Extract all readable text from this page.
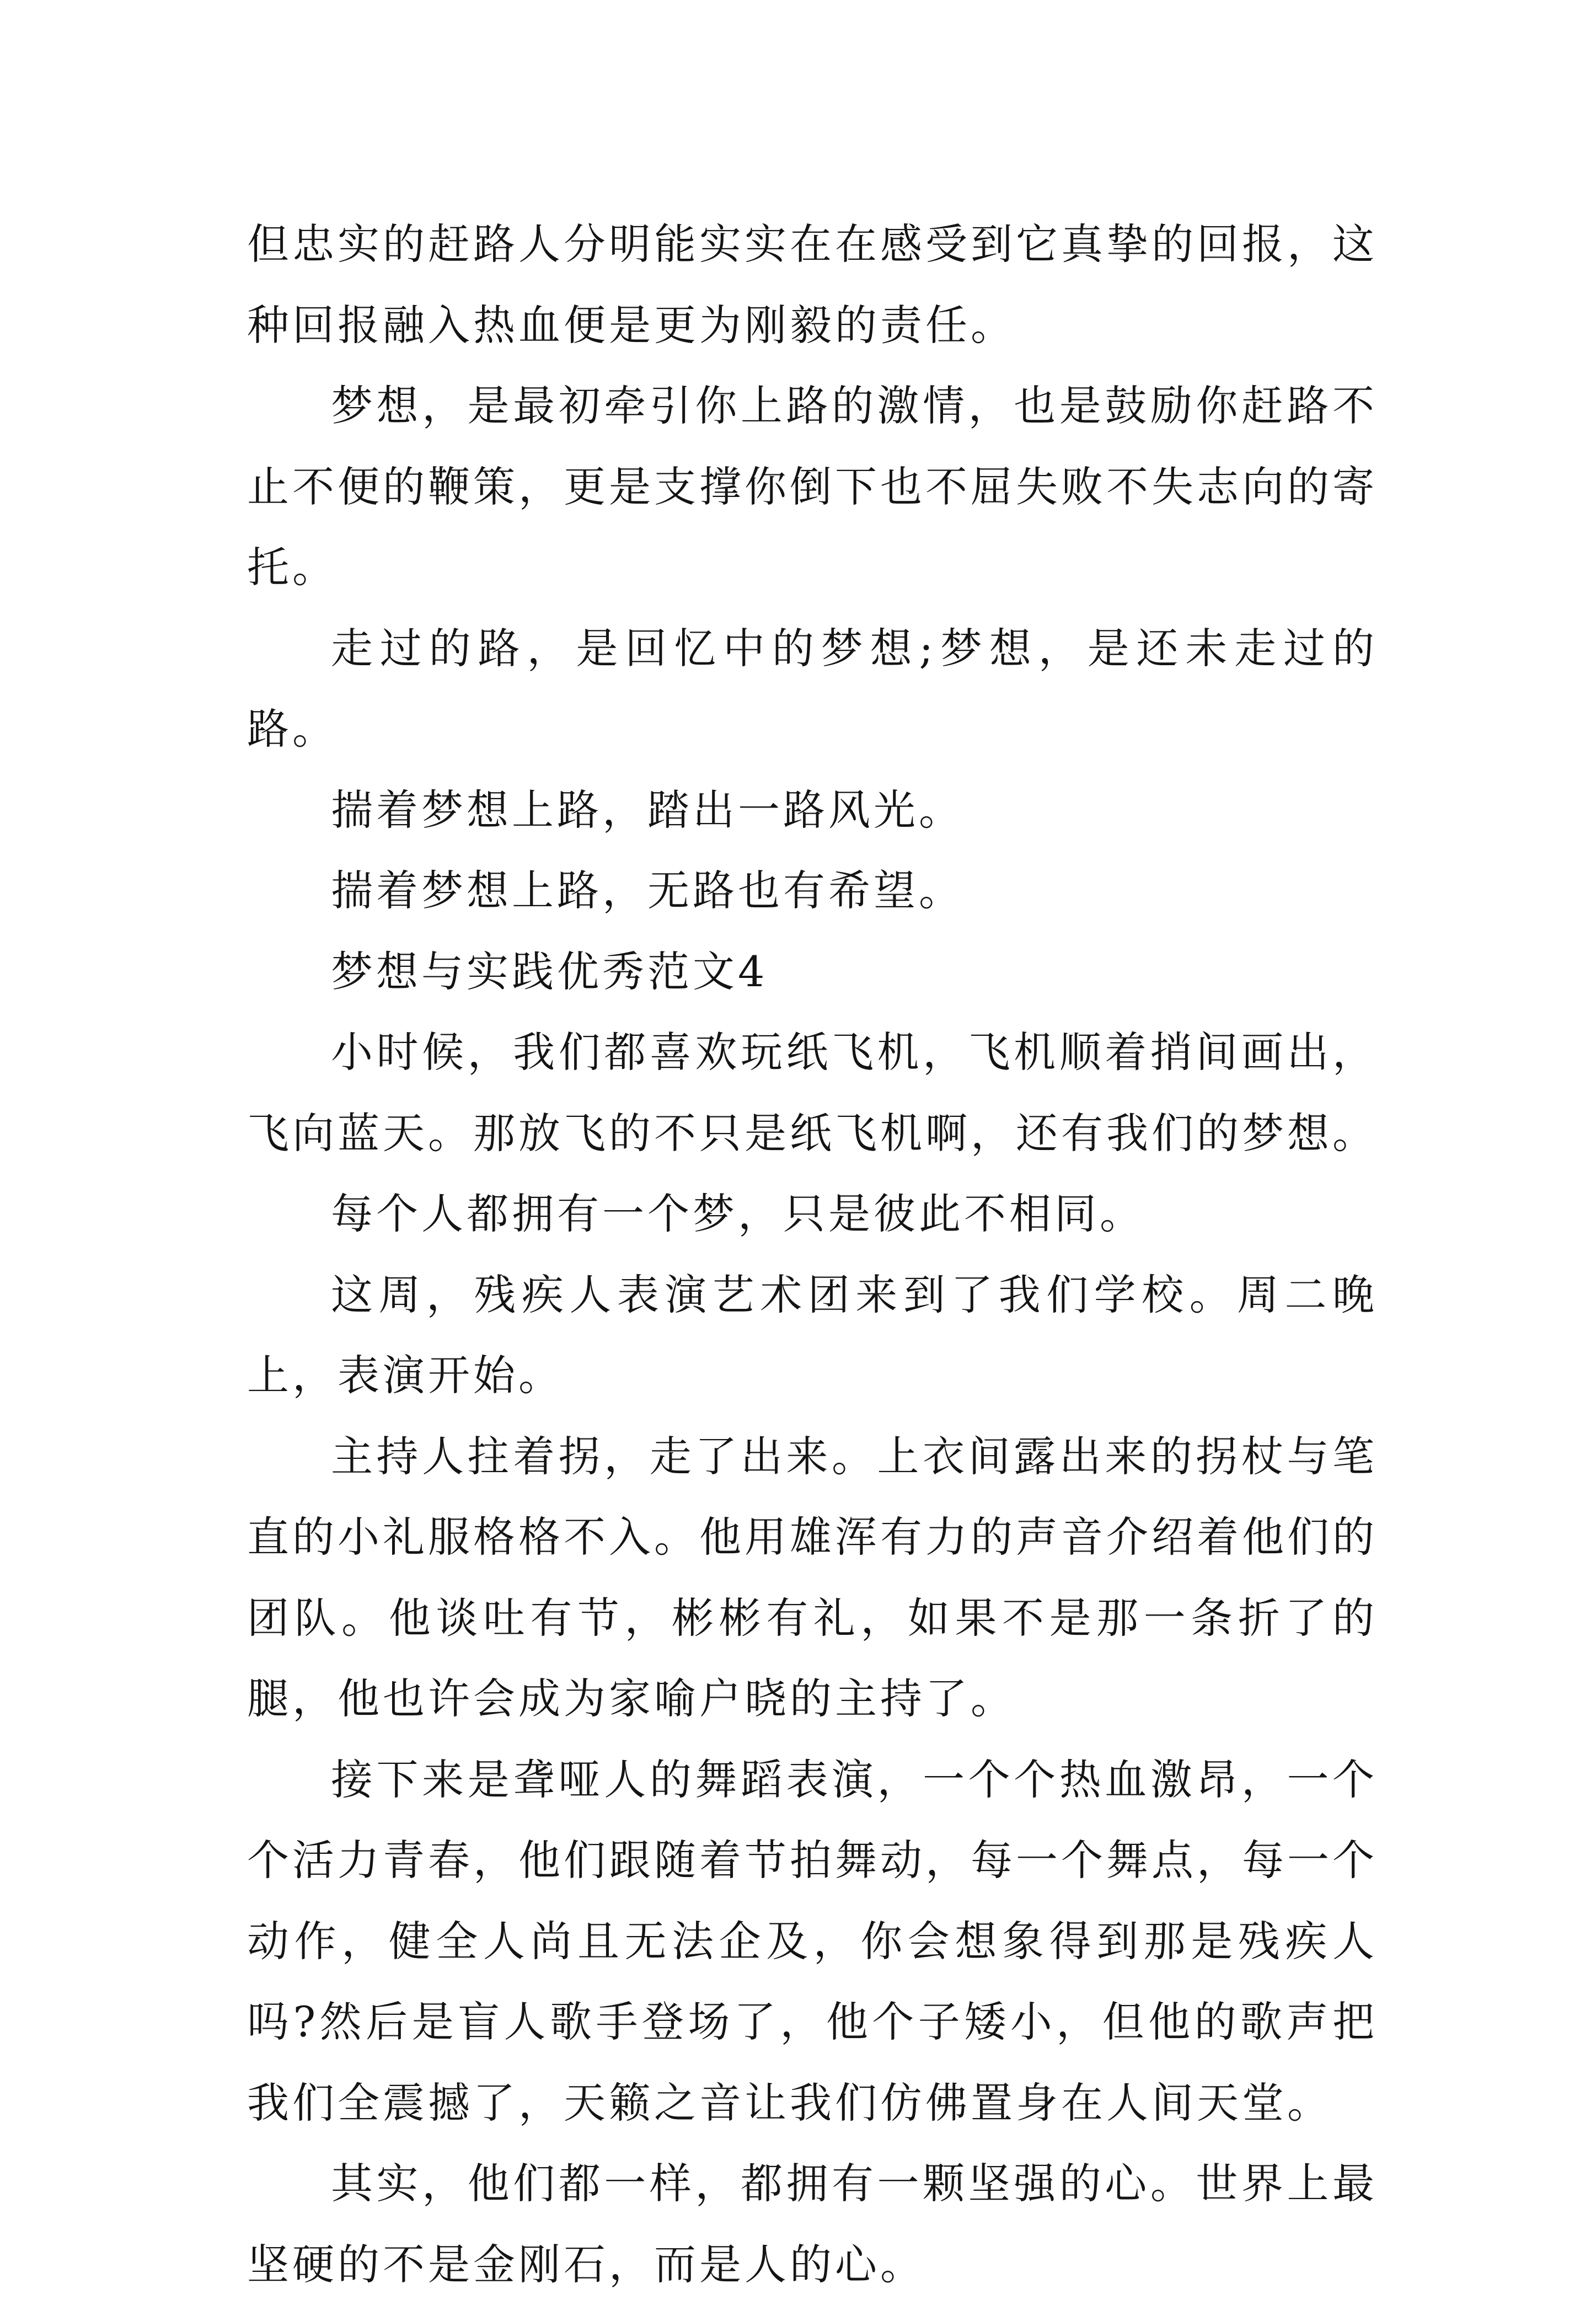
但忠实的赶路人分明能实实在在感受到它真挚的回报，这种回报融入热血便是更为刚毅的责任。

梦想，是最初牵引你上路的激情，也是鼓励你赶路不止不便的鞭策，更是支撑你倒下也不屈失败不失志向的寄托。

走过的路，是回忆中的梦想;梦想，是还未走过的路。

揣着梦想上路，踏出一路风光。

揣着梦想上路，无路也有希望。

梦想与实践优秀范文4

小时候，我们都喜欢玩纸飞机，飞机顺着捎间画出，飞向蓝天。那放飞的不只是纸飞机啊，还有我们的梦想。

每个人都拥有一个梦，只是彼此不相同。

这周，残疾人表演艺术团来到了我们学校。周二晚上，表演开始。

主持人拄着拐，走了出来。上衣间露出来的拐杖与笔直的小礼服格格不入。他用雄浑有力的声音介绍着他们的团队。他谈吐有节，彬彬有礼，如果不是那一条折了的腿，他也许会成为家喻户晓的主持了。

接下来是聋哑人的舞蹈表演，一个个热血激昂，一个个活力青春，他们跟随着节拍舞动，每一个舞点，每一个动作，健全人尚且无法企及，你会想象得到那是残疾人吗?然后是盲人歌手登场了，他个子矮小，但他的歌声把我们全震撼了，天籁之音让我们仿佛置身在人间天堂。

其实，他们都一样，都拥有一颗坚强的心。世界上最坚硬的不是金刚石，而是人的心。
